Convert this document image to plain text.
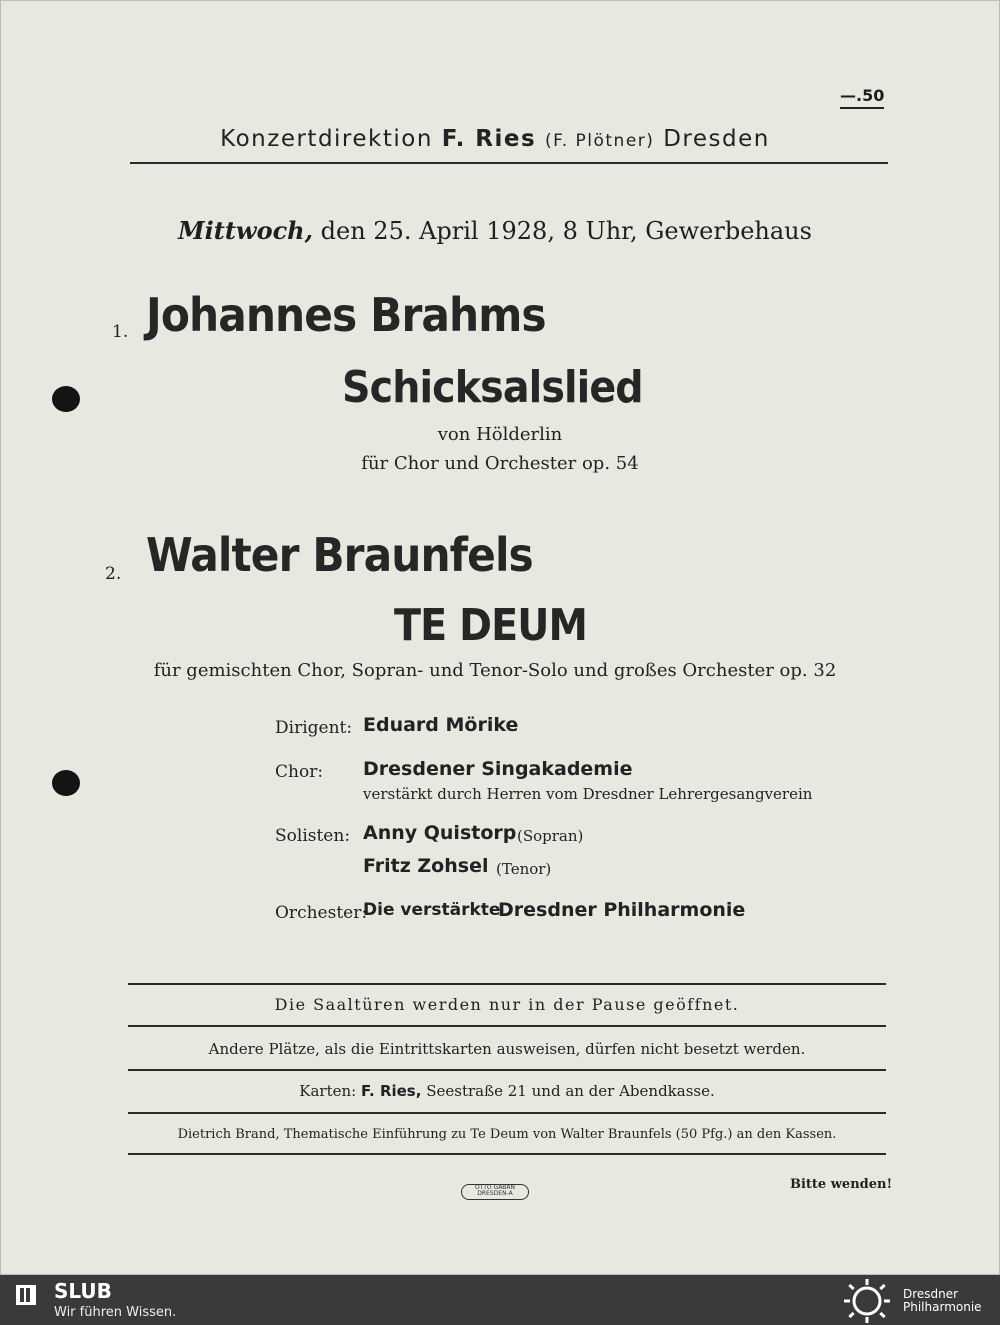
—.50
Konzertdirektion F. Ries (F. Plötner) Dresden
Mittwoch, den 25. April 1928, 8 Uhr, Gewerbehaus
1. Johannes Brahms
Schicksalslied
von Hölderlin
für Chor und Orchester op. 54
2. Walter Braunfels
TE DEUM
für gemischten Chor, Sopran- und Tenor-Solo und großes Orchester op. 32
Dirigent: Eduard Mörike
Chor: Dresdener Singakademie
verstärkt durch Herren vom Dresdner Lehrergesangverein
Solisten: Anny Quistorp (Sopran)
Fritz Zohsel (Tenor)
Orchester:
Die verstärkte
Dresdner Philharmonie
Die Saaltüren werden nur in der Pause geöffnet.
Andere Plätze, als die Eintrittskarten ausweisen, dürfen nicht besetzt werden.
Karten: F. Ries, Seestraße 21 und an der Abendkasse.
Dietrich Brand, Thematische Einführung zu Te Deum von Walter Braunfels (50 Pfg.) an den Kassen.
OTTO GABAN
DRESDEN-A
Bitte wenden!
SLUB
Wir führen Wissen.
Dresdner
Philharmonie
